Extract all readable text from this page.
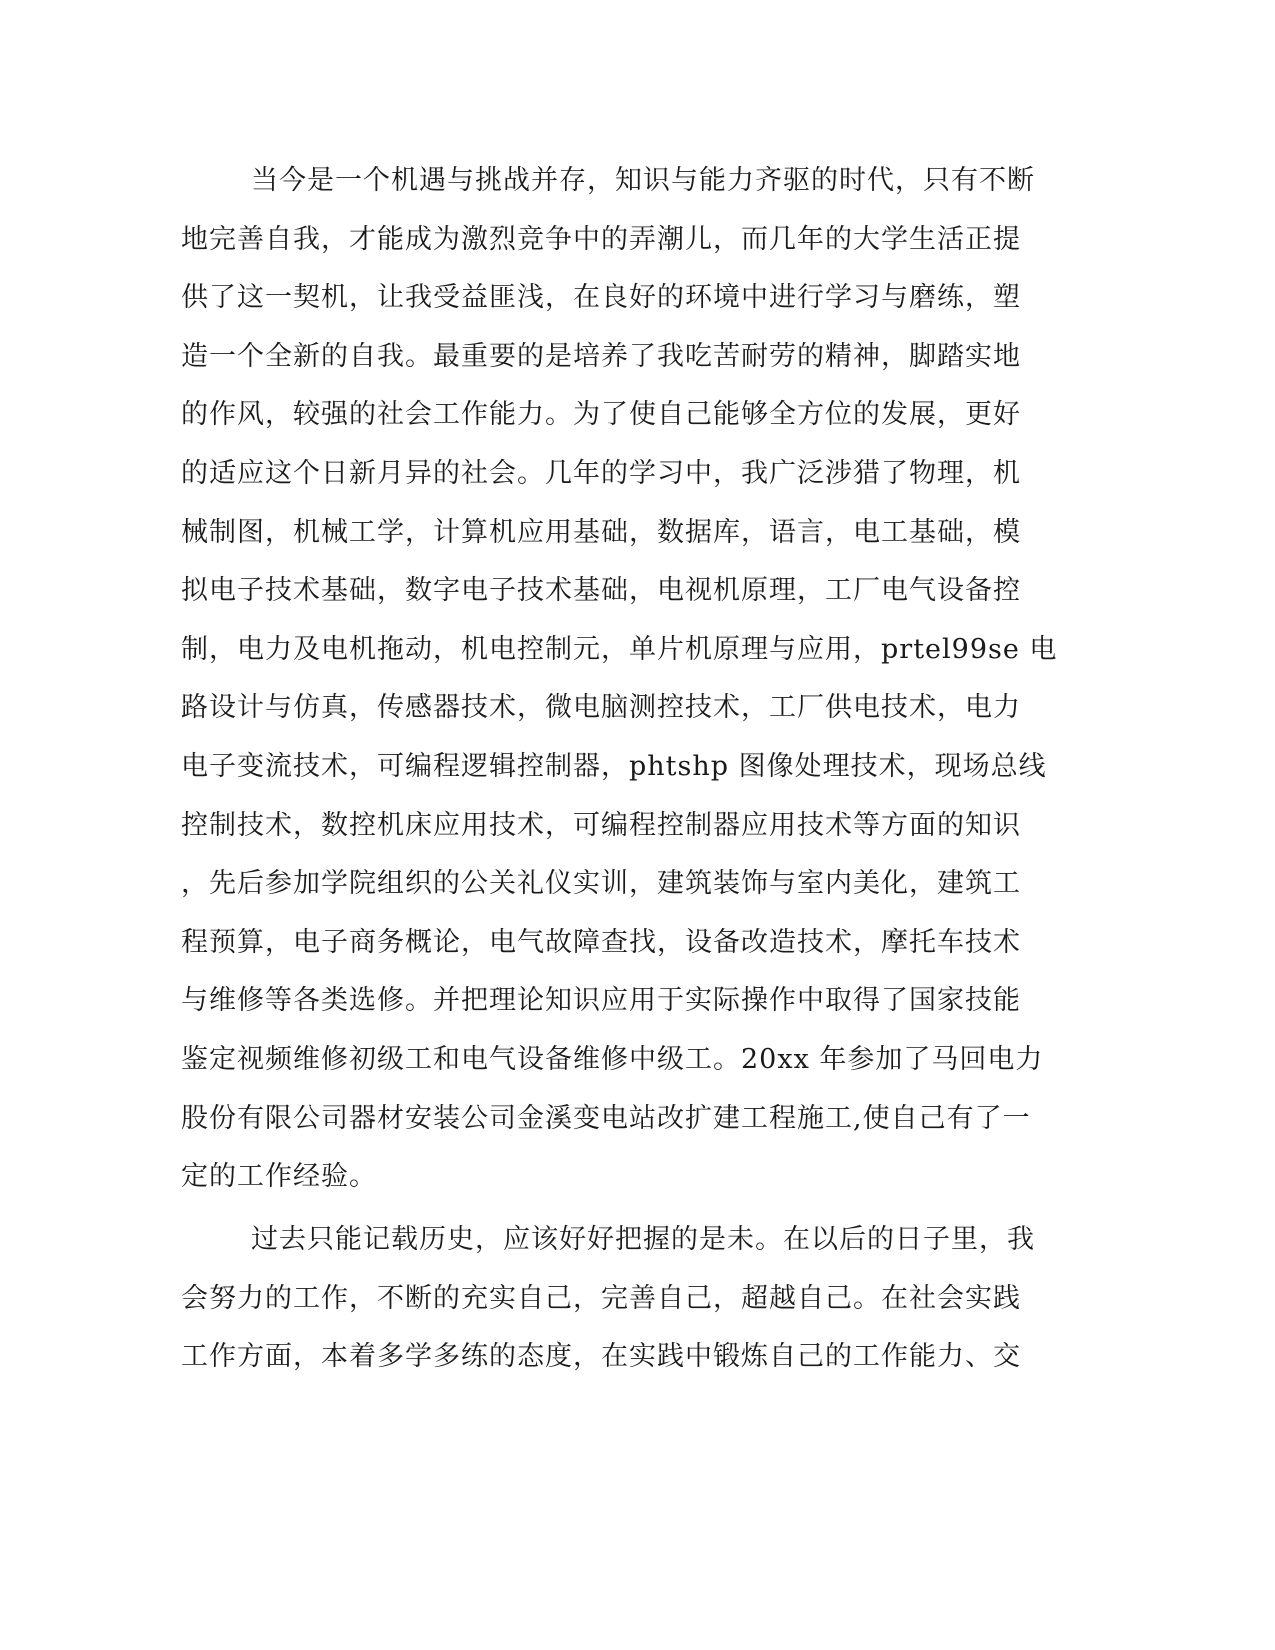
当今是一个机遇与挑战并存，知识与能力齐驱的时代，只有不断
地完善自我，才能成为激烈竞争中的弄潮儿，而几年的大学生活正提
供了这一契机，让我受益匪浅，在良好的环境中进行学习与磨练，塑
造一个全新的自我。最重要的是培养了我吃苦耐劳的精神，脚踏实地
的作风，较强的社会工作能力。为了使自己能够全方位的发展，更好
的适应这个日新月异的社会。几年的学习中，我广泛涉猎了物理，机
械制图，机械工学，计算机应用基础，数据库，语言，电工基础，模
拟电子技术基础，数字电子技术基础，电视机原理，工厂电气设备控
制，电力及电机拖动，机电控制元，单片机原理与应用，prtel99se 电
路设计与仿真，传感器技术，微电脑测控技术，工厂供电技术，电力
电子变流技术，可编程逻辑控制器，phtshp 图像处理技术，现场总线
控制技术，数控机床应用技术，可编程控制器应用技术等方面的知识
，先后参加学院组织的公关礼仪实训，建筑装饰与室内美化，建筑工
程预算，电子商务概论，电气故障查找，设备改造技术，摩托车技术
与维修等各类选修。并把理论知识应用于实际操作中取得了国家技能
鉴定视频维修初级工和电气设备维修中级工。20xx 年参加了马回电力
股份有限公司器材安装公司金溪变电站改扩建工程施工,使自己有了一
定的工作经验。
过去只能记载历史，应该好好把握的是未。在以后的日子里，我
会努力的工作，不断的充实自己，完善自己，超越自己。在社会实践
工作方面，本着多学多练的态度，在实践中锻炼自己的工作能力、交
